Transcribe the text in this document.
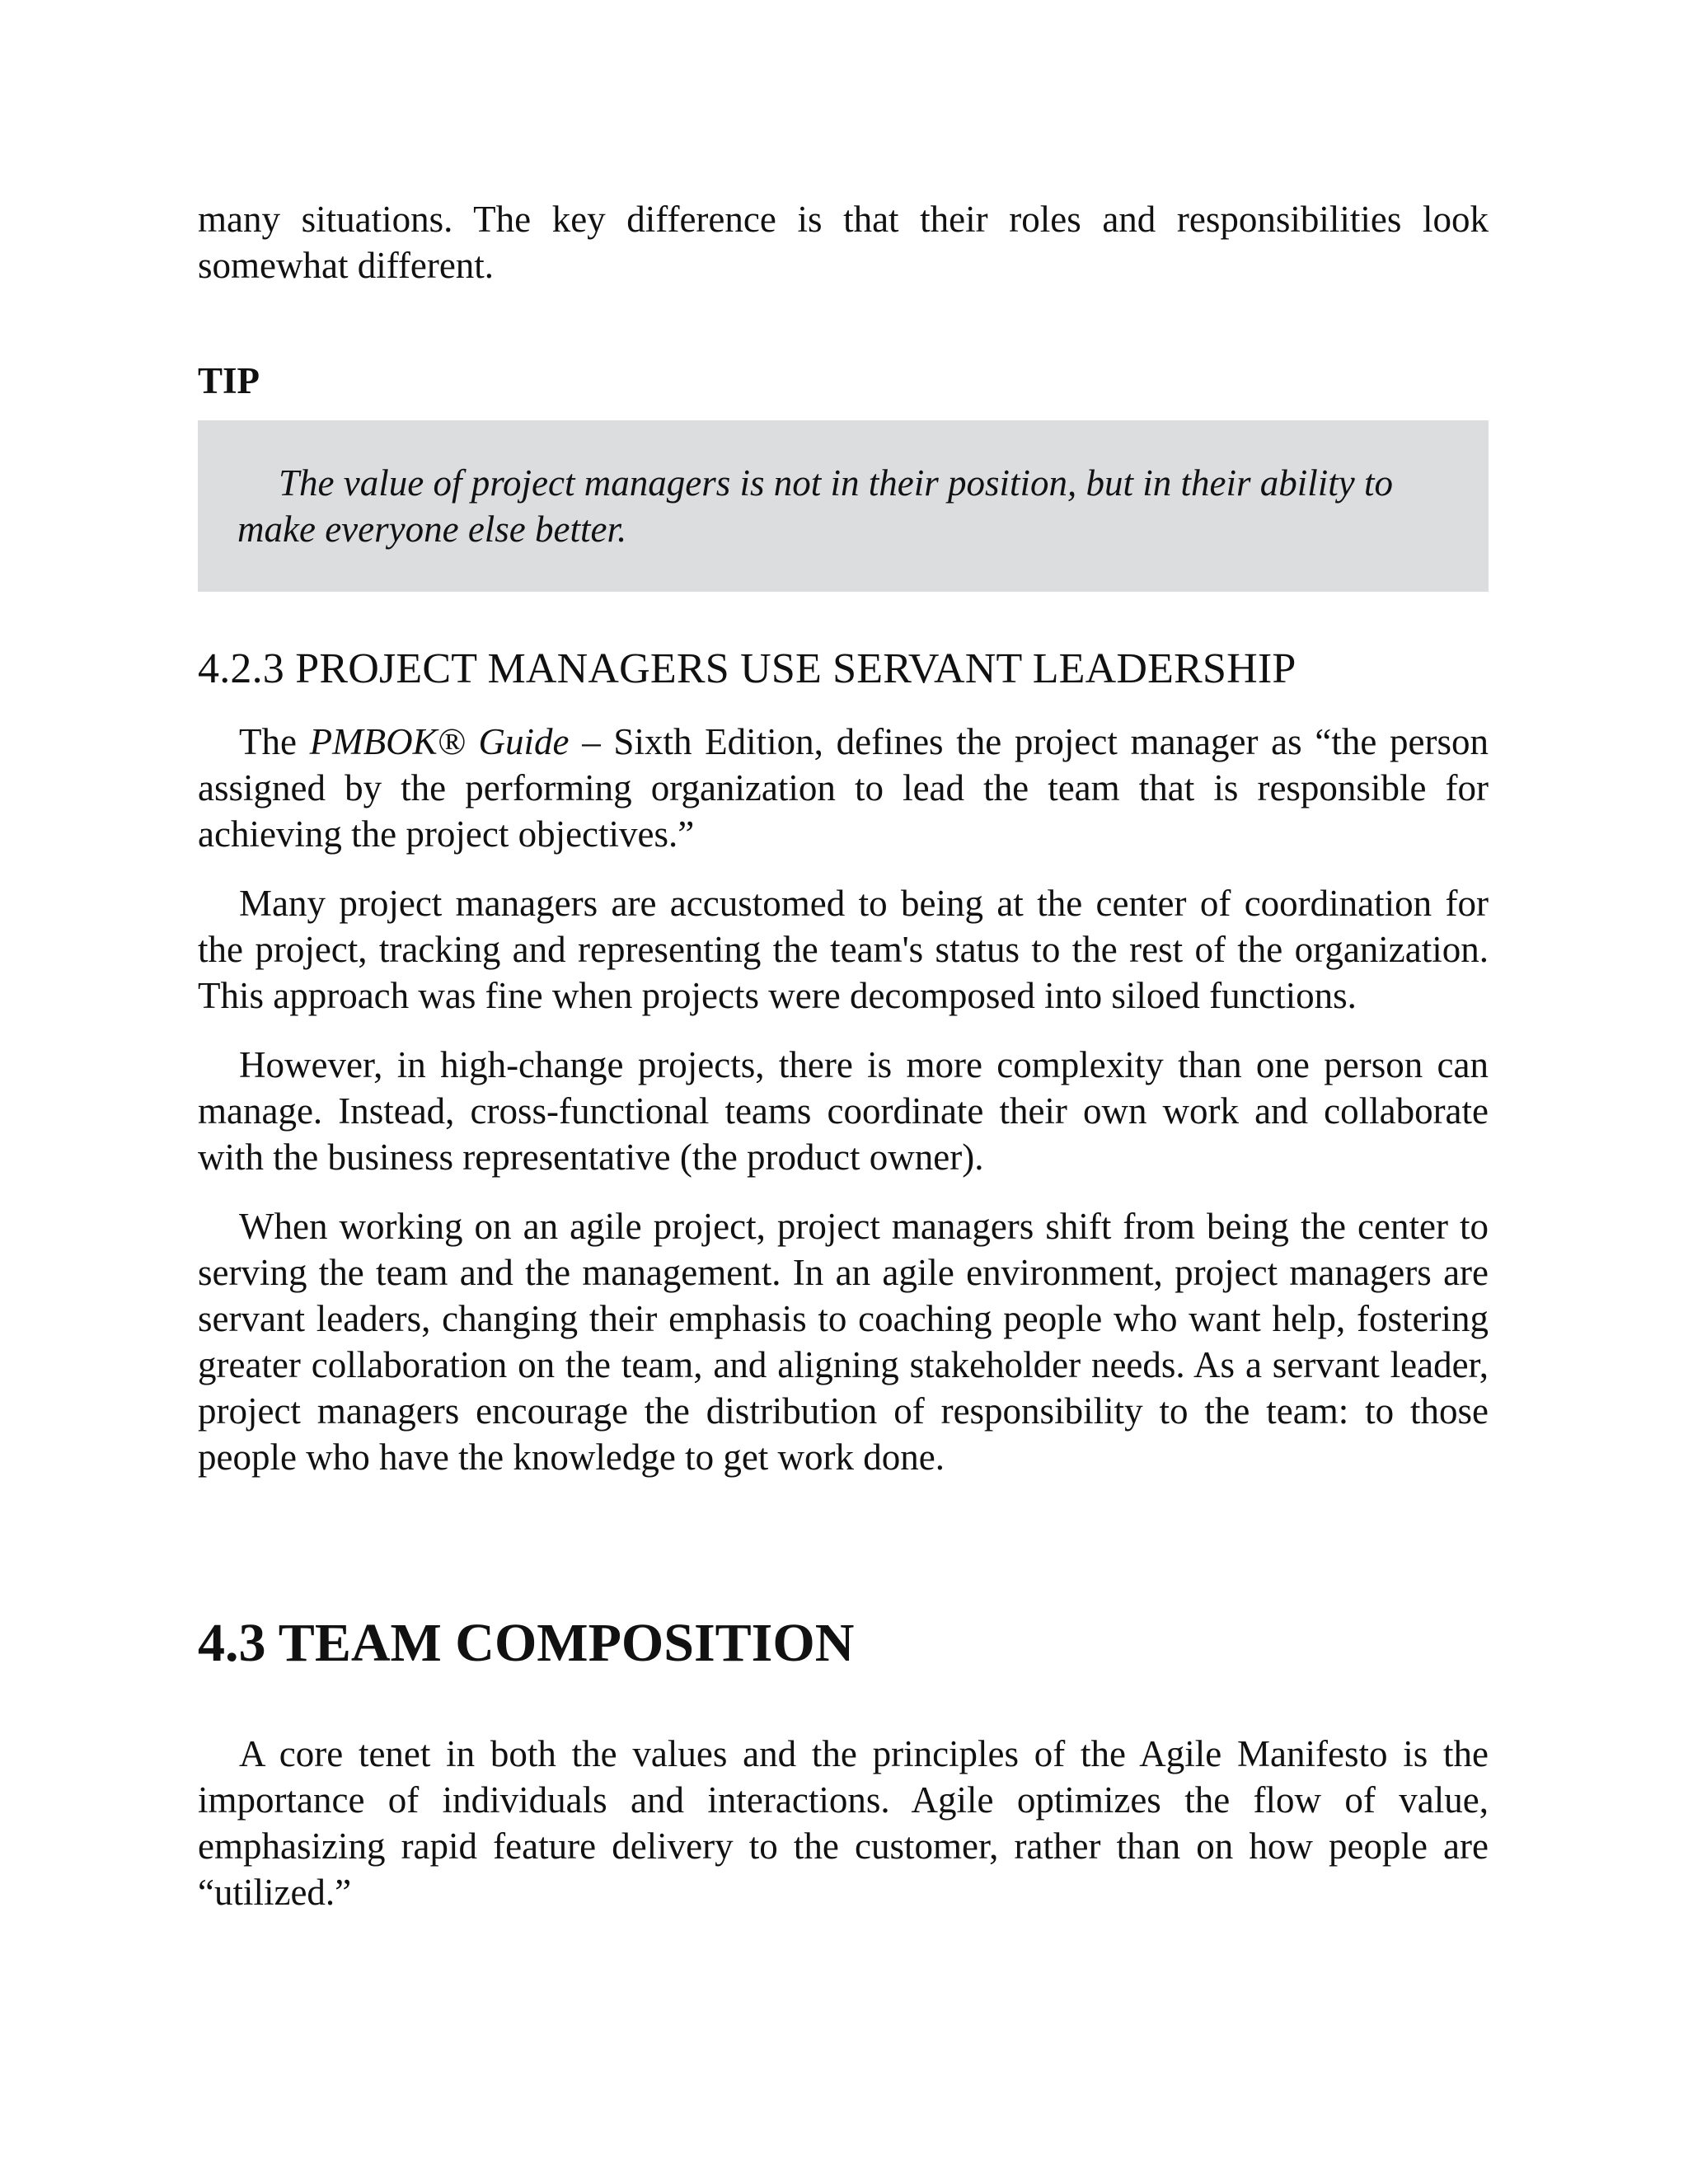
many situations. The key difference is that their roles and responsibilities look somewhat different.

TIP

The value of project managers is not in their position, but in their ability to make everyone else better.

4.2.3 PROJECT MANAGERS USE SERVANT LEADERSHIP

The PMBOK® Guide – Sixth Edition, defines the project manager as “the person assigned by the performing organization to lead the team that is responsible for achieving the project objectives.”

Many project managers are accustomed to being at the center of coordination for the project, tracking and representing the team's status to the rest of the organization. This approach was fine when projects were decomposed into siloed functions.

However, in high-change projects, there is more complexity than one person can manage. Instead, cross-functional teams coordinate their own work and collaborate with the business representative (the product owner).

When working on an agile project, project managers shift from being the center to serving the team and the management. In an agile environment, project managers are servant leaders, changing their emphasis to coaching people who want help, fostering greater collaboration on the team, and aligning stakeholder needs. As a servant leader, project managers encourage the distribution of responsibility to the team: to those people who have the knowledge to get work done.

4.3 TEAM COMPOSITION

A core tenet in both the values and the principles of the Agile Manifesto is the importance of individuals and interactions. Agile optimizes the flow of value, emphasizing rapid feature delivery to the customer, rather than on how people are “utilized.”
